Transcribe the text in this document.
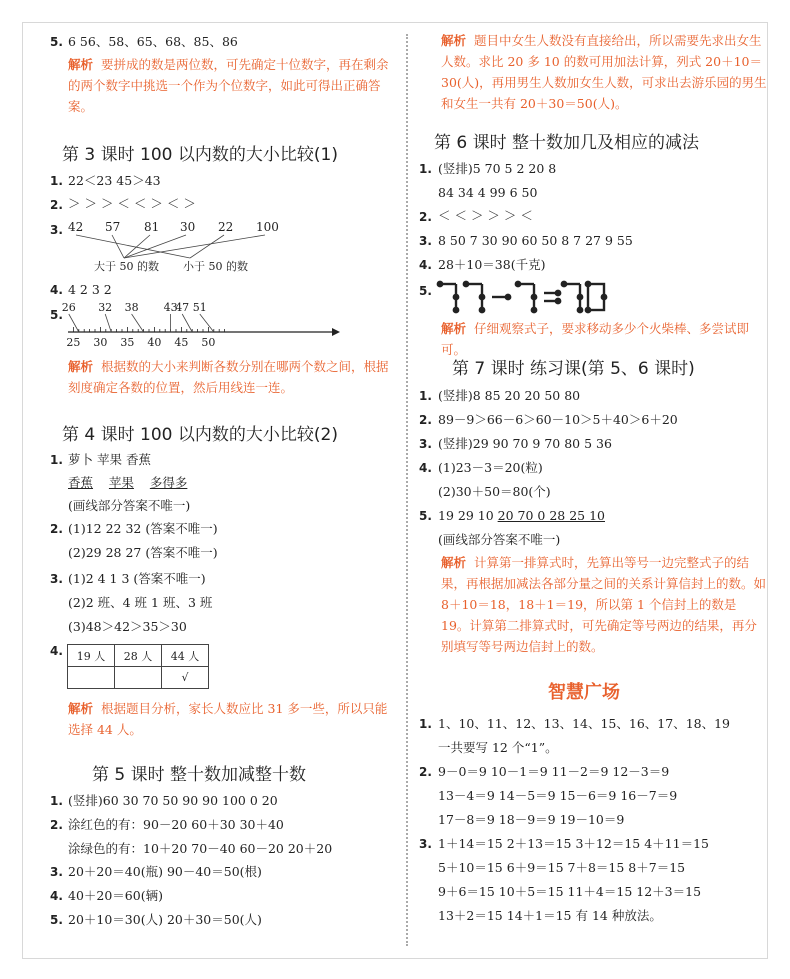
5. 6 56、58、65、68、85、86
解析 要拼成的数是两位数，可先确定十位数字，再在剩余的两个数字中挑选一个作为个位数字，如此可得出正确答案。
第 3 课时 100 以内数的大小比较(1)
1. 22＜23 45＞43
2. ＞ ＞ ＞ ＜ ＜ ＞ ＜ ＞
3. 42 57 81 30 22 100
大于 50 的数 小于 50 的数
4. 4 2 3 2
5.
25 30 35 40 45 50
26 32	43
38	47 51
解析 根据数的大小来判断各数分别在哪两个数之间，根据刻度确定各数的位置，然后用线连一连。
第 4 课时 100 以内数的大小比较(2)
1. 萝卜 苹果 香蕉
香蕉 苹果 多得多
(画线部分答案不唯一)
2. (1)12 22 32 (答案不唯一)
(2)29 28 27 (答案不唯一)
3. (1)2 4 1 3 (答案不唯一)
(2)2 班、4 班 1 班、3 班
(3)48＞42＞35＞30
4. 19 人	28 人	44 人
		√
解析 根据题目分析，家长人数应比 31 多一些，所以只能选择 44 人。
第 5 课时 整十数加减整十数
1. (竖排)60 30 70 50 90 90 100 0 20
2. 涂红色的有：90－20 60＋30 30＋40
涂绿色的有：10＋20 70－40 60－20 20＋20
3. 20＋20＝40(瓶) 90－40＝50(根)
4. 40＋20＝60(辆)
5. 20＋10＝30(人) 20＋30＝50(人)
解析 题目中女生人数没有直接给出，所以需要先求出女生人数。求比 20 多 10 的数可用加法计算，列式 20＋10＝30(人)，再用男生人数加女生人数，可求出去游乐园的男生和女生一共有 20＋30＝50(人)。
第 6 课时 整十数加几及相应的减法
1. (竖排)5 70 5 2 20 8
84 34 4 99 6 50
2. ＜ ＜ ＞ ＞ ＞ ＜
3. 8 50 7 30 90 60 50 8 7 27 9 55
4. 28＋10＝38(千克)
5.
解析 仔细观察式子，要求移动多少个火柴棒、多尝试即可。
第 7 课时 练习课(第 5、6 课时)
1. (竖排)8 85 20 20 50 80
2. 89－9＞66－6＞60－10＞5＋40＞6＋20
3. (竖排)29 90 70 9 70 80 5 36
4. (1)23－3＝20(粒)
(2)30＋50＝80(个)
5. 19 29 10 20 70 0 28 25 10
(画线部分答案不唯一)
解析 计算第一排算式时，先算出等号一边完整式子的结果，再根据加减法各部分量之间的关系计算信封上的数。如 8＋10＝18，18＋1＝19，所以第 1 个信封上的数是 19。计算第二排算式时，可先确定等号两边的结果，再分别填写等号两边信封上的数。
智慧广场
1. 1、10、11、12、13、14、15、16、17、18、19
一共要写 12 个“1”。
2. 9－0＝9 10－1＝9 11－2＝9 12－3＝9
13－4＝9 14－5＝9 15－6＝9 16－7＝9
17－8＝9 18－9＝9 19－10＝9
3. 1＋14＝15 2＋13＝15 3＋12＝15 4＋11＝15
5＋10＝15 6＋9＝15 7＋8＝15 8＋7＝15
9＋6＝15 10＋5＝15 11＋4＝15 12＋3＝15
13＋2＝15 14＋1＝15 有 14 种放法。
